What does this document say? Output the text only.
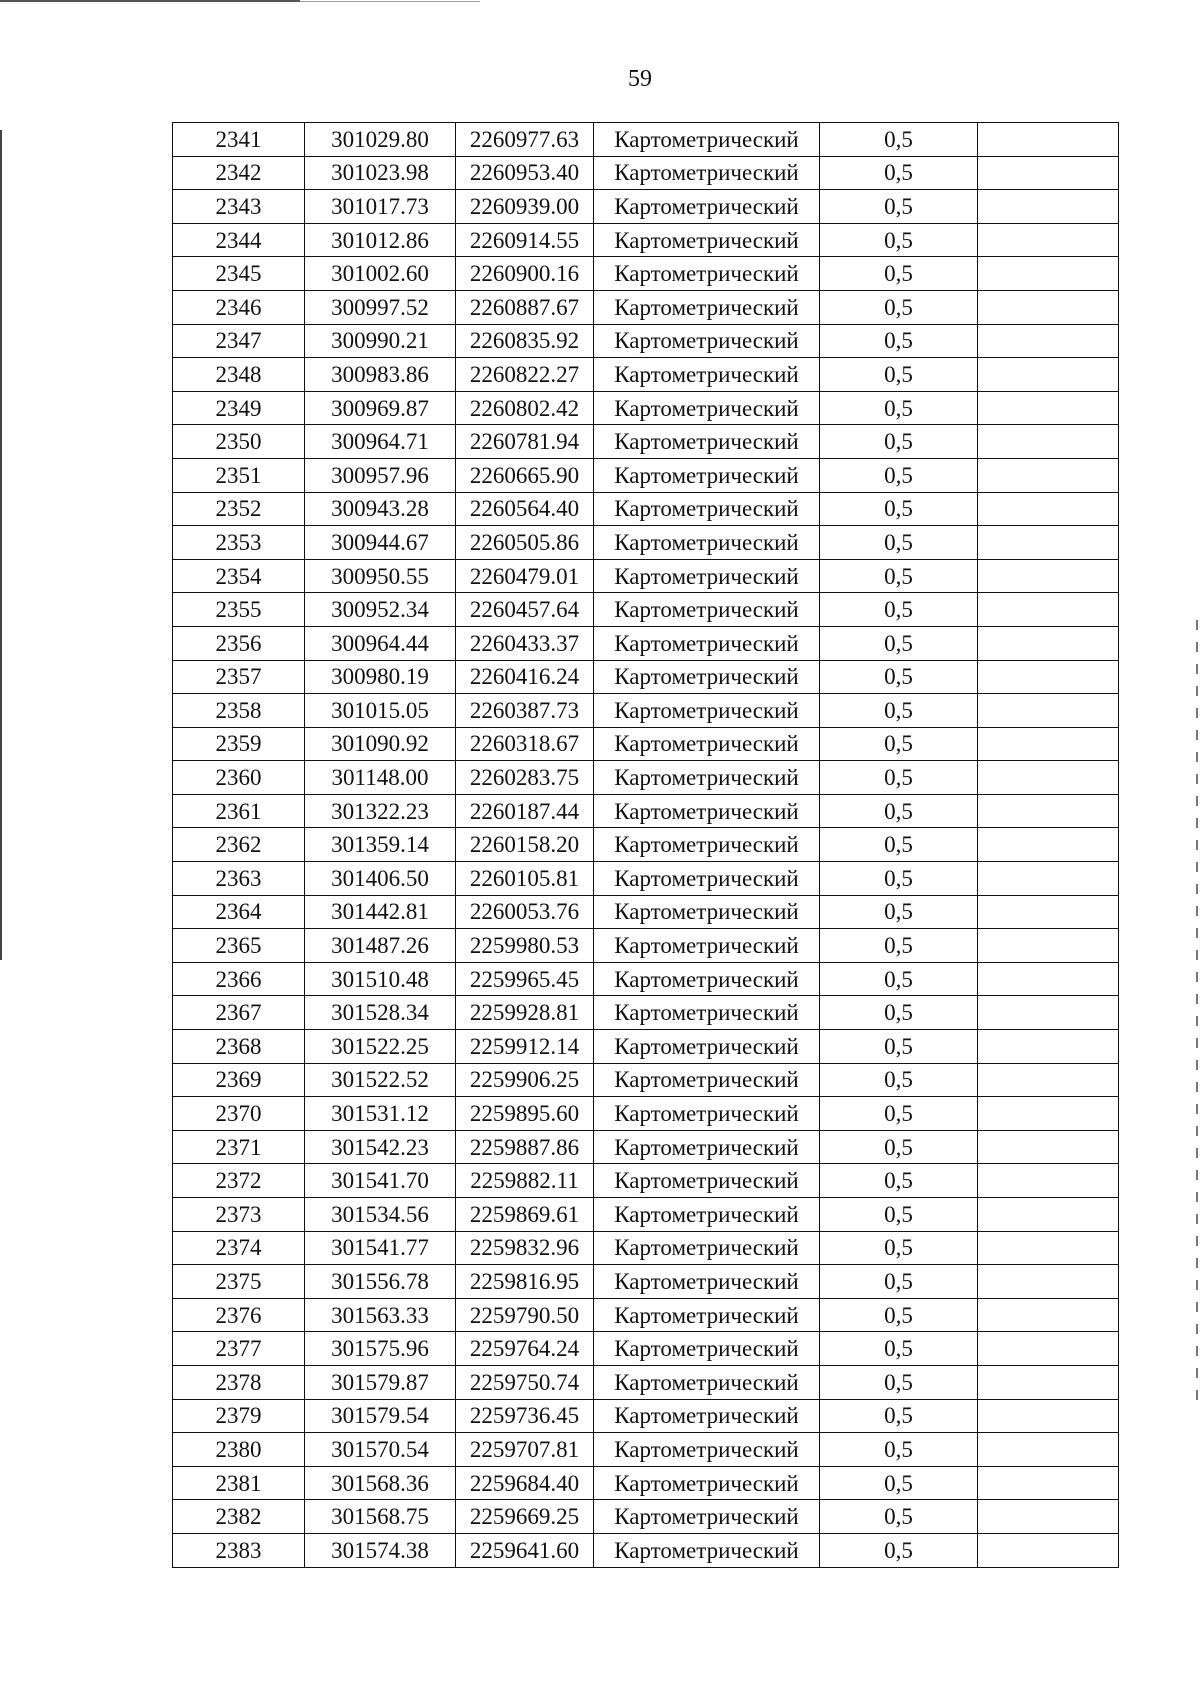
59
2341	301029.80	2260977.63	Картометрический	0,5	
2342	301023.98	2260953.40	Картометрический	0,5	
2343	301017.73	2260939.00	Картометрический	0,5	
2344	301012.86	2260914.55	Картометрический	0,5	
2345	301002.60	2260900.16	Картометрический	0,5	
2346	300997.52	2260887.67	Картометрический	0,5	
2347	300990.21	2260835.92	Картометрический	0,5	
2348	300983.86	2260822.27	Картометрический	0,5	
2349	300969.87	2260802.42	Картометрический	0,5	
2350	300964.71	2260781.94	Картометрический	0,5	
2351	300957.96	2260665.90	Картометрический	0,5	
2352	300943.28	2260564.40	Картометрический	0,5	
2353	300944.67	2260505.86	Картометрический	0,5	
2354	300950.55	2260479.01	Картометрический	0,5	
2355	300952.34	2260457.64	Картометрический	0,5	
2356	300964.44	2260433.37	Картометрический	0,5	
2357	300980.19	2260416.24	Картометрический	0,5	
2358	301015.05	2260387.73	Картометрический	0,5	
2359	301090.92	2260318.67	Картометрический	0,5	
2360	301148.00	2260283.75	Картометрический	0,5	
2361	301322.23	2260187.44	Картометрический	0,5	
2362	301359.14	2260158.20	Картометрический	0,5	
2363	301406.50	2260105.81	Картометрический	0,5	
2364	301442.81	2260053.76	Картометрический	0,5	
2365	301487.26	2259980.53	Картометрический	0,5	
2366	301510.48	2259965.45	Картометрический	0,5	
2367	301528.34	2259928.81	Картометрический	0,5	
2368	301522.25	2259912.14	Картометрический	0,5	
2369	301522.52	2259906.25	Картометрический	0,5	
2370	301531.12	2259895.60	Картометрический	0,5	
2371	301542.23	2259887.86	Картометрический	0,5	
2372	301541.70	2259882.11	Картометрический	0,5	
2373	301534.56	2259869.61	Картометрический	0,5	
2374	301541.77	2259832.96	Картометрический	0,5	
2375	301556.78	2259816.95	Картометрический	0,5	
2376	301563.33	2259790.50	Картометрический	0,5	
2377	301575.96	2259764.24	Картометрический	0,5	
2378	301579.87	2259750.74	Картометрический	0,5	
2379	301579.54	2259736.45	Картометрический	0,5	
2380	301570.54	2259707.81	Картометрический	0,5	
2381	301568.36	2259684.40	Картометрический	0,5	
2382	301568.75	2259669.25	Картометрический	0,5	
2383	301574.38	2259641.60	Картометрический	0,5	
